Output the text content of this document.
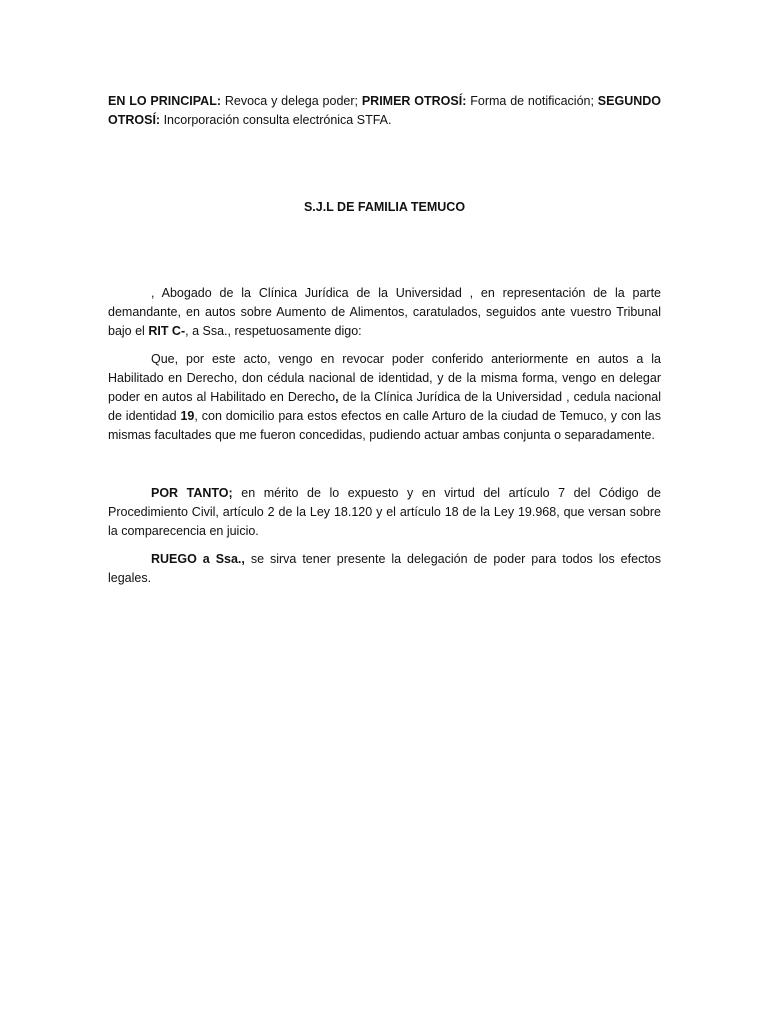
EN LO PRINCIPAL: Revoca y delega poder; PRIMER OTROSÍ: Forma de notificación; SEGUNDO OTROSÍ: Incorporación consulta electrónica STFA.
S.J.L DE FAMILIA TEMUCO
, Abogado de la Clínica Jurídica de la Universidad , en representación de la parte demandante, en autos sobre Aumento de Alimentos, caratulados, seguidos ante vuestro Tribunal bajo el RIT C-, a Ssa., respetuosamente digo:
Que, por este acto, vengo en revocar poder conferido anteriormente en autos a la Habilitado en Derecho, don cédula nacional de identidad, y de la misma forma, vengo en delegar poder en autos al Habilitado en Derecho, de la Clínica Jurídica de la Universidad , cedula nacional de identidad 19, con domicilio para estos efectos en calle Arturo de la ciudad de Temuco, y con las mismas facultades que me fueron concedidas, pudiendo actuar ambas conjunta o separadamente.
POR TANTO; en mérito de lo expuesto y en virtud del artículo 7 del Código de Procedimiento Civil, artículo 2 de la Ley 18.120 y el artículo 18 de la Ley 19.968, que versan sobre la comparecencia en juicio.
RUEGO a Ssa., se sirva tener presente la delegación de poder para todos los efectos legales.
